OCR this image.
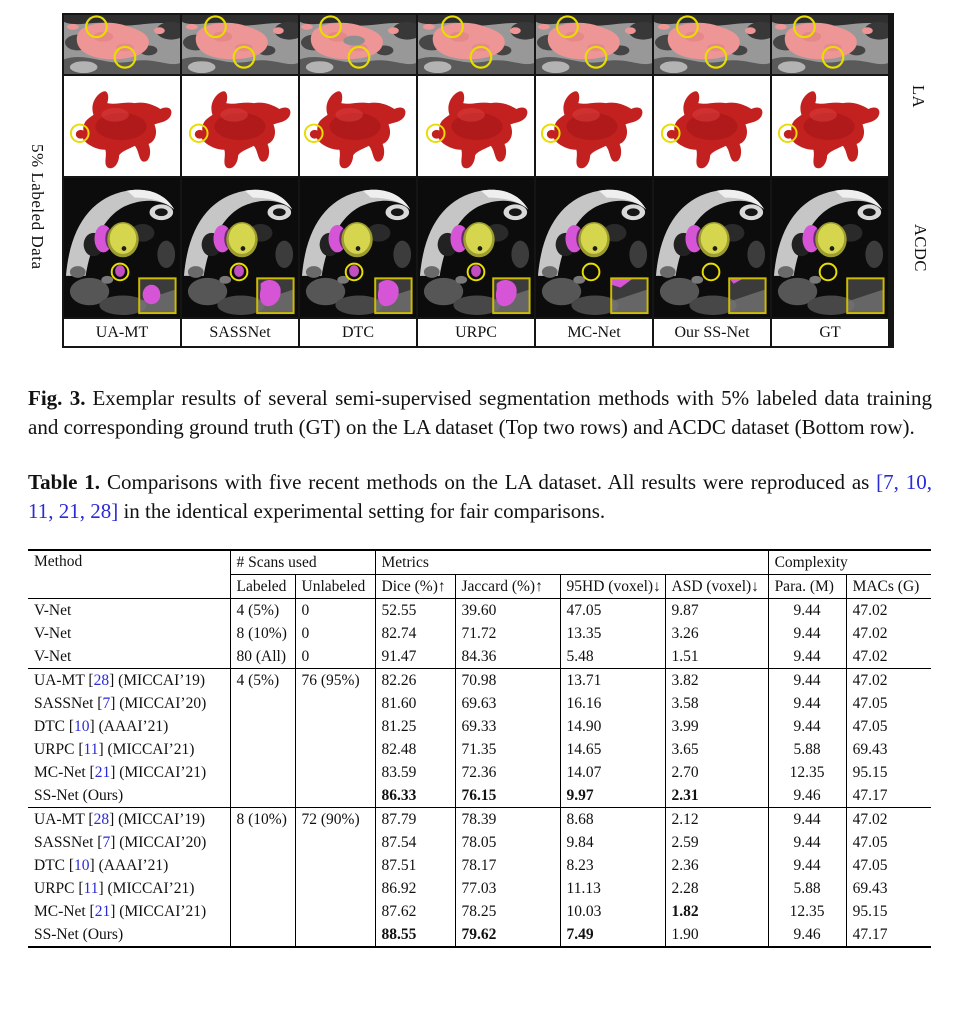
5% Labeled Data
UA-MT	SASSNet	DTC	URPC	MC-Net	Our SS-Net	GT
LA
ACDC

Fig. 3. Exemplar results of several semi-supervised segmentation methods with 5% labeled data training and corresponding ground truth (GT) on the LA dataset (Top two rows) and ACDC dataset (Bottom row).

Table 1. Comparisons with five recent methods on the LA dataset. All results were reproduced as [7, 10, 11, 21, 28] in the identical experimental setting for fair comparisons.

Method	# Scans used		Metrics				Complexity	
	Labeled	Unlabeled	Dice (%)↑	Jaccard (%)↑	95HD (voxel)↓	ASD (voxel)↓	Para. (M)	MACs (G)
V-Net	4 (5%)	0	52.55	39.60	47.05	9.87	9.44	47.02
V-Net	8 (10%)	0	82.74	71.72	13.35	3.26	9.44	47.02
V-Net	80 (All)	0	91.47	84.36	5.48	1.51	9.44	47.02
UA-MT [28] (MICCAI’19)	4 (5%)	76 (95%)	82.26	70.98	13.71	3.82	9.44	47.02
SASSNet [7] (MICCAI’20)			81.60	69.63	16.16	3.58	9.44	47.05
DTC [10] (AAAI’21)			81.25	69.33	14.90	3.99	9.44	47.05
URPC [11] (MICCAI’21)			82.48	71.35	14.65	3.65	5.88	69.43
MC-Net [21] (MICCAI’21)			83.59	72.36	14.07	2.70	12.35	95.15
SS-Net (Ours)			86.33	76.15	9.97	2.31	9.46	47.17
UA-MT [28] (MICCAI’19)	8 (10%)	72 (90%)	87.79	78.39	8.68	2.12	9.44	47.02
SASSNet [7] (MICCAI’20)			87.54	78.05	9.84	2.59	9.44	47.05
DTC [10] (AAAI’21)			87.51	78.17	8.23	2.36	9.44	47.05
URPC [11] (MICCAI’21)			86.92	77.03	11.13	2.28	5.88	69.43
MC-Net [21] (MICCAI’21)			87.62	78.25	10.03	1.82	12.35	95.15
SS-Net (Ours)			88.55	79.62	7.49	1.90	9.46	47.17
